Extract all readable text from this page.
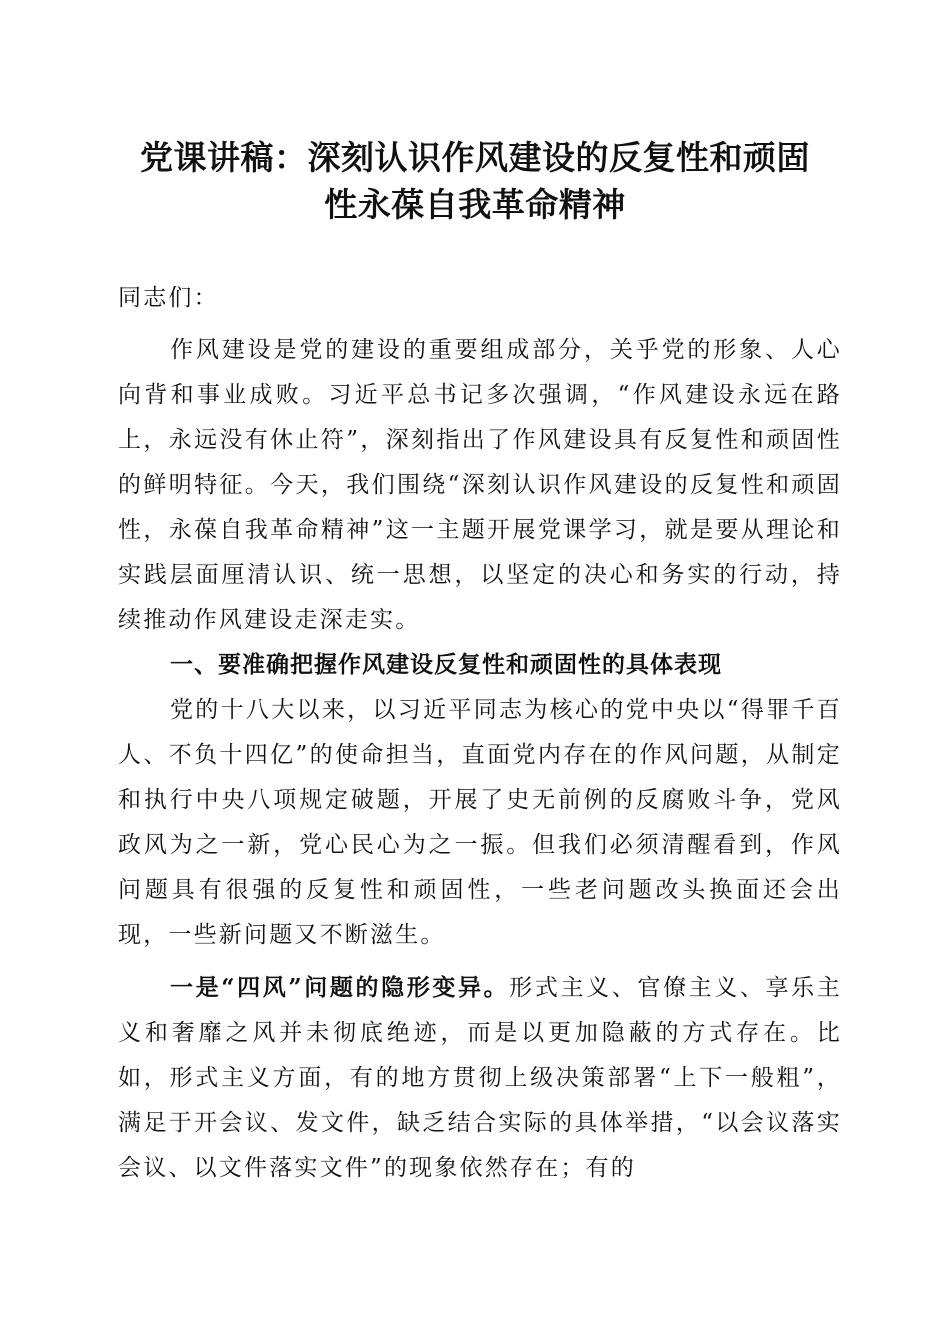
党课讲稿：深刻认识作风建设的反复性和顽固
性永葆自我革命精神

同志们：

作风建设是党的建设的重要组成部分，关乎党的形象、人心向背和事业成败。习近平总书记多次强调，“作风建设永远在路上，永远没有休止符”，深刻指出了作风建设具有反复性和顽固性的鲜明特征。今天，我们围绕“深刻认识作风建设的反复性和顽固性，永葆自我革命精神”这一主题开展党课学习，就是要从理论和实践层面厘清认识、统一思想，以坚定的决心和务实的行动，持续推动作风建设走深走实。

一、要准确把握作风建设反复性和顽固性的具体表现

党的十八大以来，以习近平同志为核心的党中央以“得罪千百人、不负十四亿”的使命担当，直面党内存在的作风问题，从制定和执行中央八项规定破题，开展了史无前例的反腐败斗争，党风政风为之一新，党心民心为之一振。但我们必须清醒看到，作风问题具有很强的反复性和顽固性，一些老问题改头换面还会出现，一些新问题又不断滋生。

一是“四风”问题的隐形变异。形式主义、官僚主义、享乐主义和奢靡之风并未彻底绝迹，而是以更加隐蔽的方式存在。比如，形式主义方面，有的地方贯彻上级决策部署“上下一般粗”，满足于开会议、发文件，缺乏结合实际的具体举措，“以会议落实会议、以文件落实文件”的现象依然存在；有的
